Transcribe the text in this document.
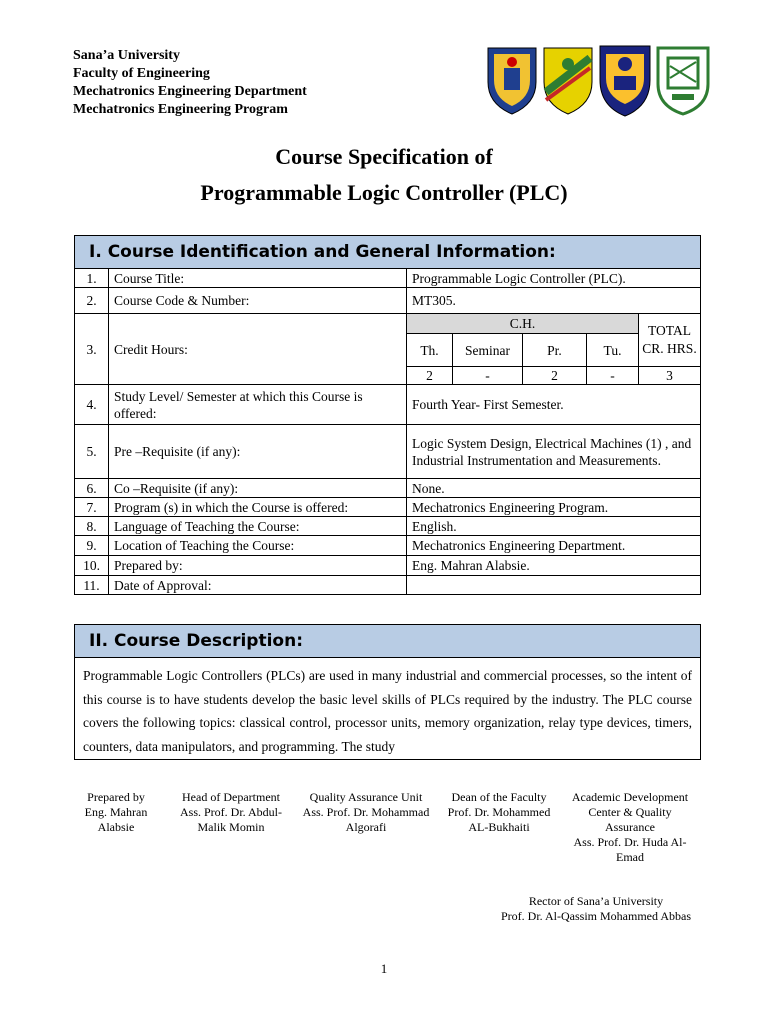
Sana’a University
Faculty of Engineering
Mechatronics Engineering Department
Mechatronics Engineering Program
Course Specification of
Programmable Logic Controller (PLC)
I. Course Identification and General Information:						
1.	Course Title:	Programmable Logic Controller (PLC).				
2.	Course Code & Number:	MT305.				
3.	Credit Hours:	C.H.				TOTAL CR. HRS.
		Th.	Seminar	Pr.	Tu.	
		2	-	2	-	3
4.	Study Level/ Semester at which this Course is offered:	Fourth Year- First Semester.				
5.	Pre –Requisite (if any):	Logic System Design, Electrical Machines (1) , and Industrial Instrumentation and Measurements.				
6.	Co –Requisite (if any):	None.				
7.	Program (s) in which the Course is offered:	Mechatronics Engineering Program.				
8.	Language of Teaching the Course:	English.				
9.	Location of Teaching the Course:	Mechatronics Engineering Department.				
10.	Prepared by:	Eng. Mahran Alabsie.				
11.	Date of Approval:					
II. Course Description:
Programmable Logic Controllers (PLCs) are used in many industrial and commercial processes, so the intent of this course is to have students develop the basic level skills of PLCs required by the industry. The PLC course covers the following topics: classical control, processor units, memory organization, relay type devices, timers, counters, data manipulators, and programming. The study
Prepared by
Eng. Mahran Alabsie
Head of Department
Ass. Prof. Dr. Abdul-Malik Momin
Quality Assurance Unit
Ass. Prof. Dr. Mohammad Algorafi
Dean of the Faculty
Prof. Dr. Mohammed AL-Bukhaiti
Academic Development Center & Quality Assurance
Ass. Prof. Dr. Huda Al-Emad
Rector of Sana’a University
Prof. Dr. Al-Qassim Mohammed Abbas
1
